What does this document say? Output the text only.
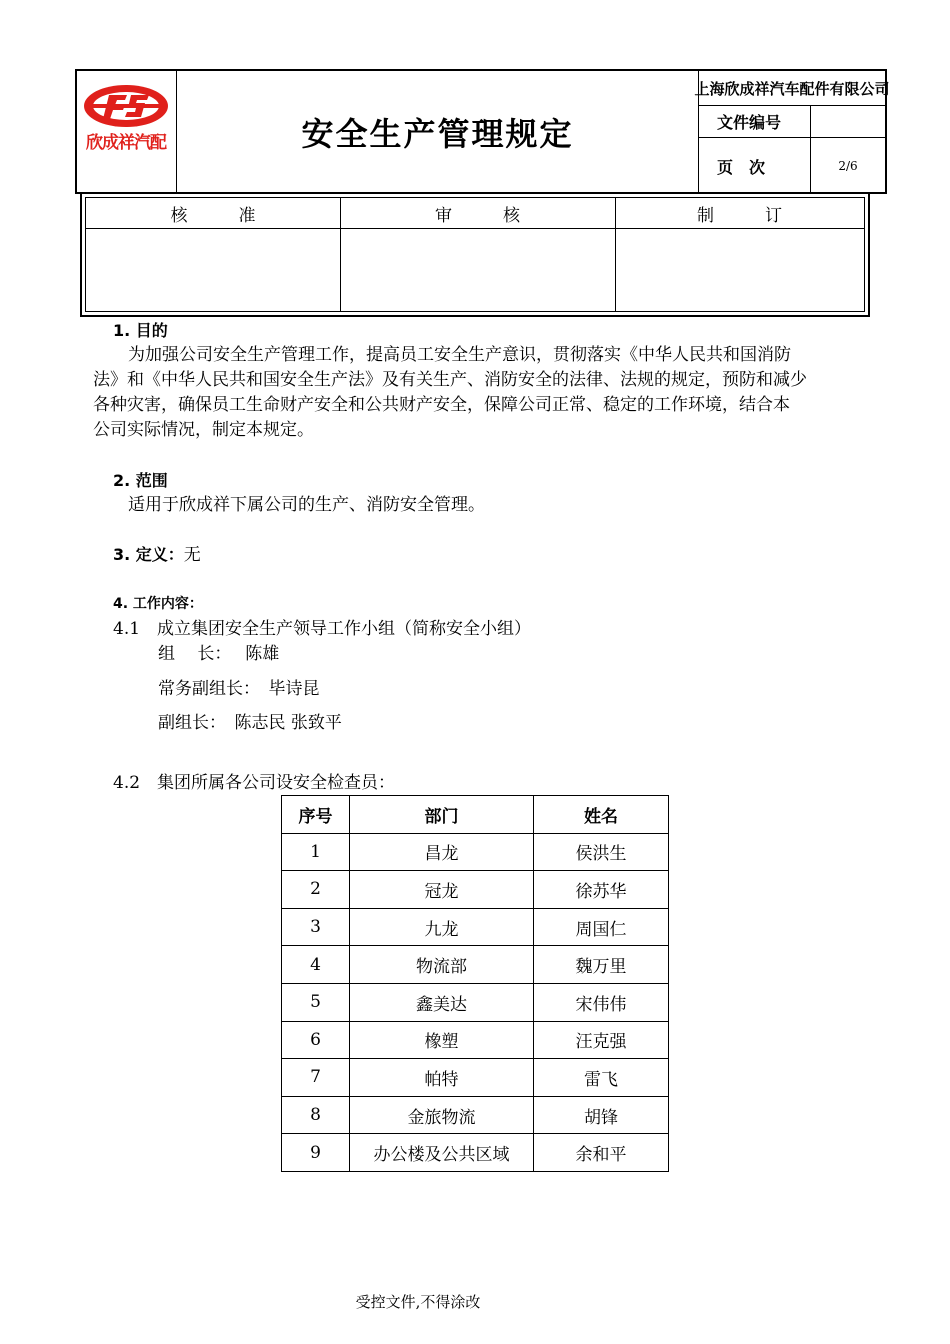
欣成祥汽配	安全生产管理规定
上海欣成祥汽车配件有限公司
文件编号
页　次	2/6
核　　　准	审　　　核	制　　　订
1. 目的
为加强公司安全生产管理工作，提高员工安全生产意识，贯彻落实《中华人民共和国消防
法》和《中华人民共和国安全生产法》及有关生产、消防安全的法律、法规的规定，预防和减少
各种灾害，确保员工生命财产安全和公共财产安全，保障公司正常、稳定的工作环境，结合本
公司实际情况，制定本规定。
2. 范围
适用于欣成祥下属公司的生产、消防安全管理。
3. 定义：无
4. 工作内容：
4.1　成立集团安全生产领导工作小组（简称安全小组）
组　 长：　 陈雄
常务副组长：　毕诗昆
副组长：　陈志民 张致平
4.2　集团所属各公司设安全检查员：
序号	部门	姓名
1	昌龙	侯洪生
2	冠龙	徐苏华
3	九龙	周国仁
4	物流部	魏万里
5	鑫美达	宋伟伟
6	橡塑	汪克强
7	帕特	雷飞
8	金旅物流	胡锋
9	办公楼及公共区域	余和平
受控文件,不得涂改
